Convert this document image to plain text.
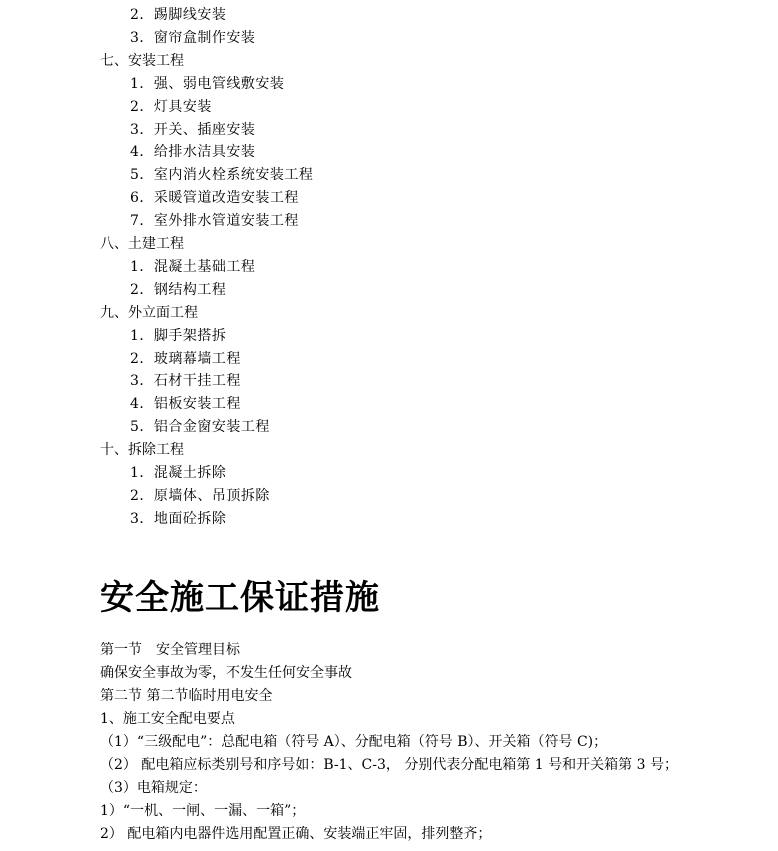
2．踢脚线安装
3．窗帘盒制作安装
七、安装工程
1．强、弱电管线敷安装
2．灯具安装
3．开关、插座安装
4．给排水洁具安装
5．室内消火栓系统安装工程
6．采暖管道改造安装工程
7．室外排水管道安装工程
八、土建工程
1．混凝土基础工程
2．钢结构工程
九、外立面工程
1．脚手架搭拆
2．玻璃幕墙工程
3．石材干挂工程
4．铝板安装工程
5．铝合金窗安装工程
十、拆除工程
1．混凝土拆除
2．原墙体、吊顶拆除
3．地面砼拆除
安全施工保证措施
第一节　安全管理目标
确保安全事故为零，不发生任何安全事故
第二节 第二节临时用电安全
1、施工安全配电要点
（1）“三级配电”：总配电箱（符号 A）、分配电箱（符号 B）、开关箱（符号 C)；
（2） 配电箱应标类别号和序号如：B-1、C-3， 分别代表分配电箱第 1 号和开关箱第 3 号；
（3）电箱规定：
1）“一机、一闸、一漏、一箱”；
2） 配电箱内电器件选用配置正确、安装端正牢固，排列整齐；
